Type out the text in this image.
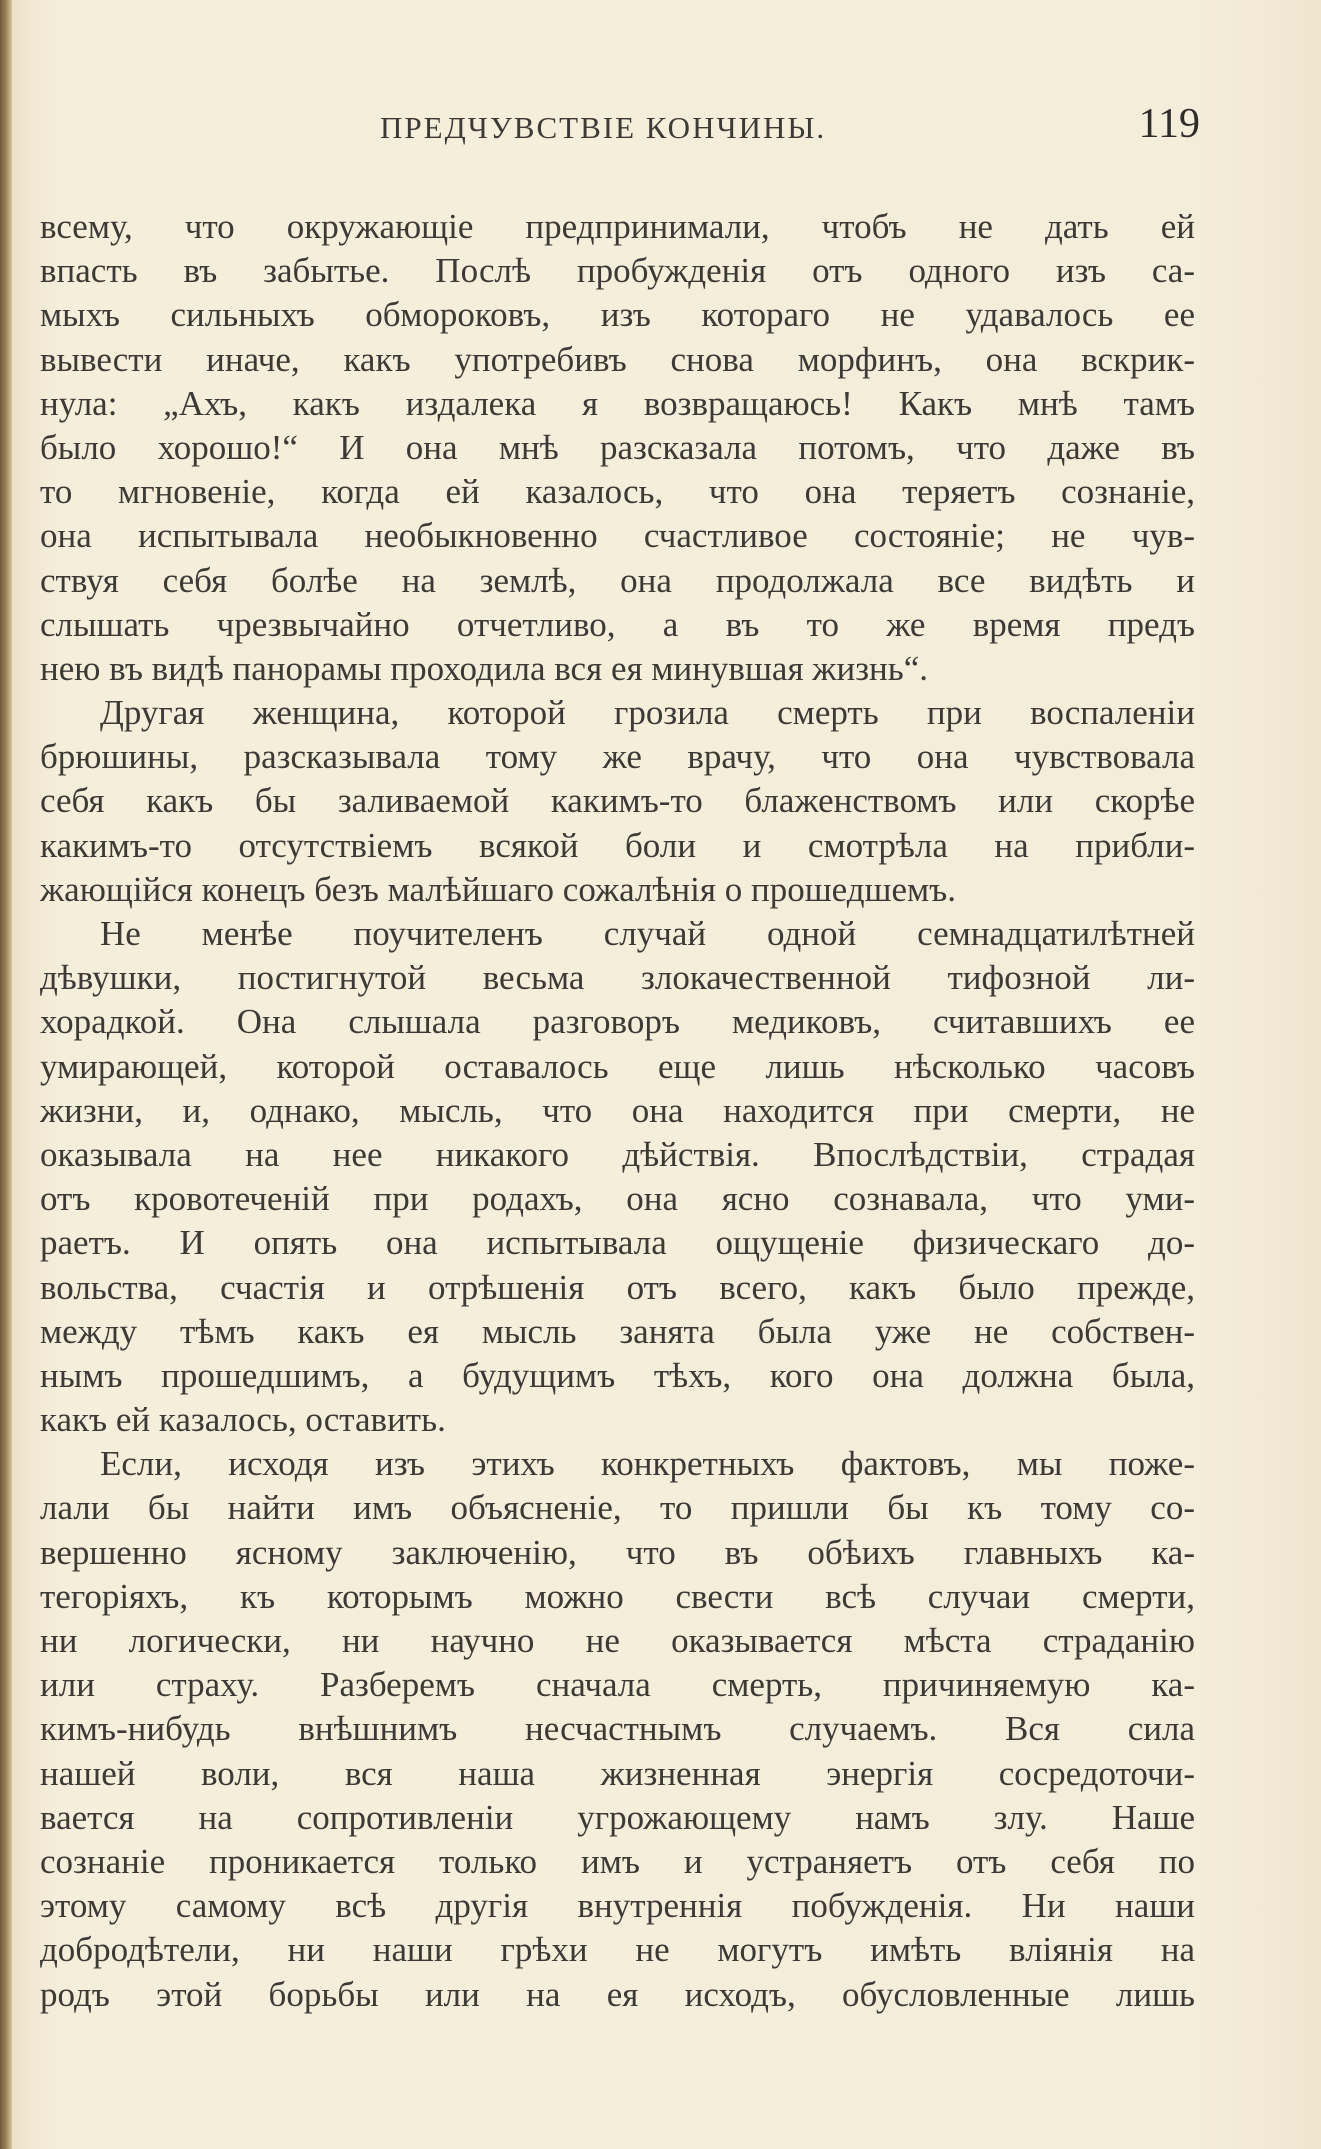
ПРЕДЧУВСТВІЕ КОНЧИНЫ.	119
всему, что окружающіе предпринимали, чтобъ не дать ей
впасть въ забытье. Послѣ пробужденія отъ одного изъ са-
мыхъ сильныхъ обмороковъ, изъ котораго не удавалось ее
вывести иначе, какъ употребивъ снова морфинъ, она вскрик-
нула: „Ахъ, какъ издалека я возвращаюсь! Какъ мнѣ тамъ
было хорошо!“ И она мнѣ разсказала потомъ, что даже въ
то мгновеніе, когда ей казалось, что она теряетъ сознаніе,
она испытывала необыкновенно счастливое состояніе; не чув-
ствуя себя болѣе на землѣ, она продолжала все видѣть и
слышать чрезвычайно отчетливо, а въ то же время предъ
нею въ видѣ панорамы проходила вся ея минувшая жизнь“.
Другая женщина, которой грозила смерть при воспаленіи
брюшины, разсказывала тому же врачу, что она чувствовала
себя какъ бы заливаемой какимъ-то блаженствомъ или скорѣе
какимъ-то отсутствіемъ всякой боли и смотрѣла на прибли-
жающійся конецъ безъ малѣйшаго сожалѣнія о прошедшемъ.
Не менѣе поучителенъ случай одной семнадцатилѣтней
дѣвушки, постигнутой весьма злокачественной тифозной ли-
хорадкой. Она слышала разговоръ медиковъ, считавшихъ ее
умирающей, которой оставалось еще лишь нѣсколько часовъ
жизни, и, однако, мысль, что она находится при смерти, не
оказывала на нее никакого дѣйствія. Впослѣдствіи, страдая
отъ кровотеченій при родахъ, она ясно сознавала, что уми-
раетъ. И опять она испытывала ощущеніе физическаго до-
вольства, счастія и отрѣшенія отъ всего, какъ было прежде,
между тѣмъ какъ ея мысль занята была уже не собствен-
нымъ прошедшимъ, а будущимъ тѣхъ, кого она должна была,
какъ ей казалось, оставить.
Если, исходя изъ этихъ конкретныхъ фактовъ, мы поже-
лали бы найти имъ объясненіе, то пришли бы къ тому со-
вершенно ясному заключенію, что въ обѣихъ главныхъ ка-
тегоріяхъ, къ которымъ можно свести всѣ случаи смерти,
ни логически, ни научно не оказывается мѣста страданію
или страху. Разберемъ сначала смерть, причиняемую ка-
кимъ-нибудь внѣшнимъ несчастнымъ случаемъ. Вся сила
нашей воли, вся наша жизненная энергія сосредоточи-
вается на сопротивленіи угрожающему намъ злу. Наше
сознаніе проникается только имъ и устраняетъ отъ себя по
этому самому всѣ другія внутреннія побужденія. Ни наши
добродѣтели, ни наши грѣхи не могутъ имѣть вліянія на
родъ этой борьбы или на ея исходъ, обусловленные лишь
